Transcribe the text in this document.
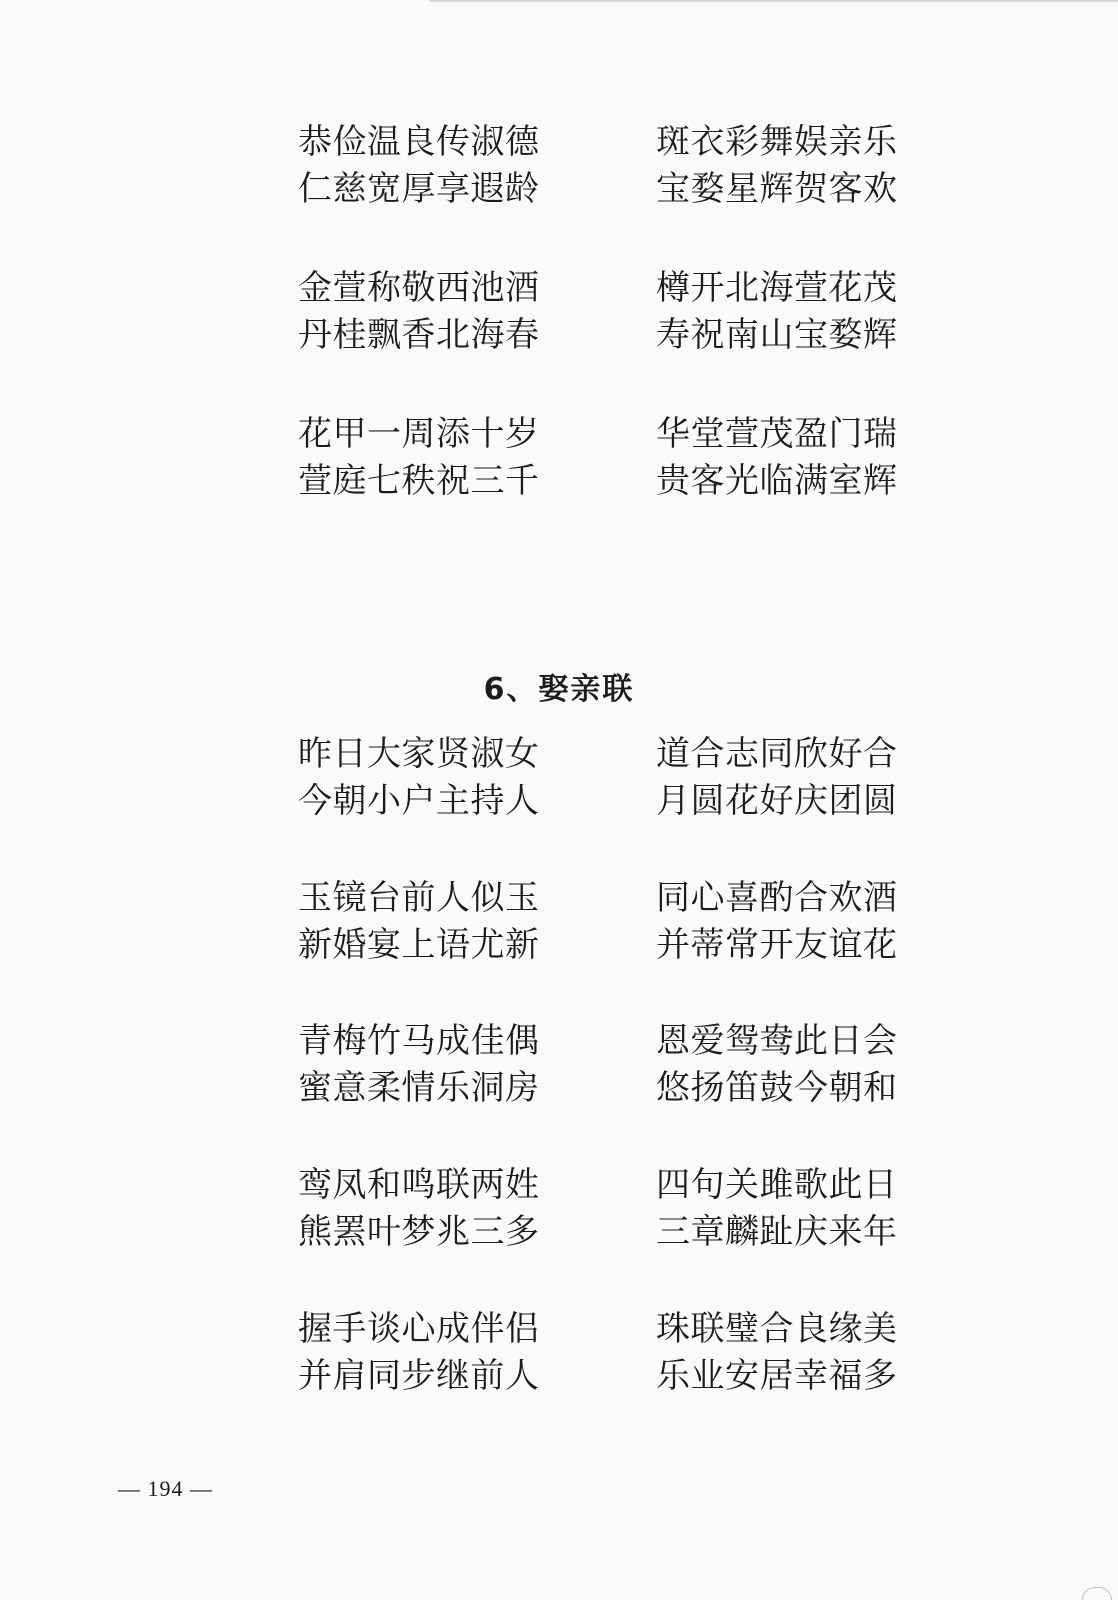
恭俭温良传淑德	斑衣彩舞娱亲乐
仁慈宽厚享遐龄	宝婺星辉贺客欢
金萱称敬西池酒	樽开北海萱花茂
丹桂飘香北海春	寿祝南山宝婺辉
花甲一周添十岁	华堂萱茂盈门瑞
萱庭七秩祝三千	贵客光临满室辉
6、娶亲联
昨日大家贤淑女	道合志同欣好合
今朝小户主持人	月圆花好庆团圆
玉镜台前人似玉	同心喜酌合欢酒
新婚宴上语尤新	并蒂常开友谊花
青梅竹马成佳偶	恩爱鸳鸯此日会
蜜意柔情乐洞房	悠扬笛鼓今朝和
鸾凤和鸣联两姓	四句关雎歌此日
熊罴叶梦兆三多	三章麟趾庆来年
握手谈心成伴侣	珠联璧合良缘美
并肩同步继前人	乐业安居幸福多
— 194 —
